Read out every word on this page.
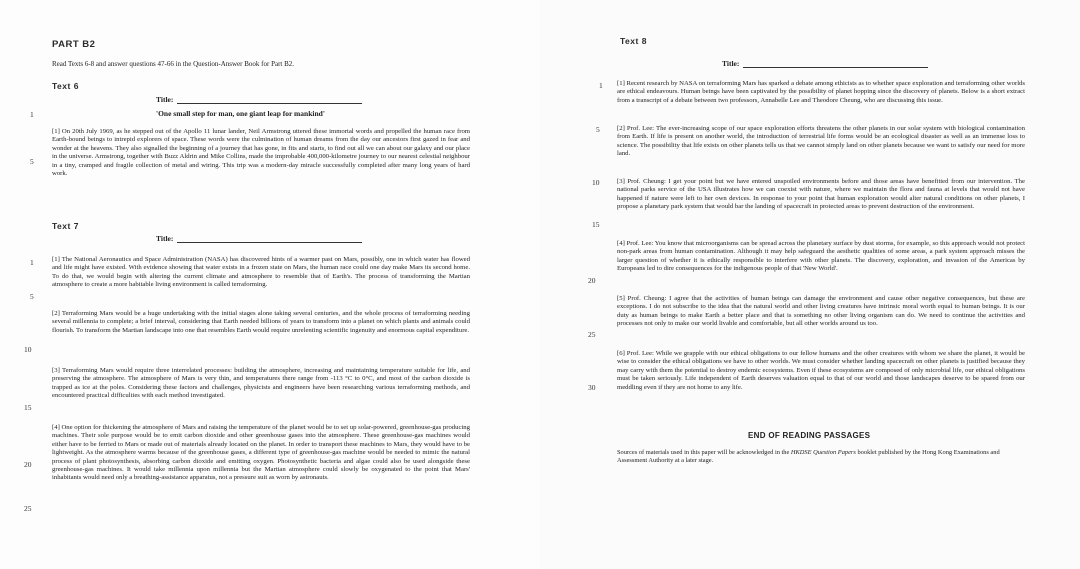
PART B2
Read Texts 6-8 and answer questions 47-66 in the Question-Answer Book for Part B2.
Text 6
Title:
1	'One small step for man, one giant leap for mankind'
[1] On 20th July 1969, as he stepped out of the Apollo 11 lunar lander, Neil Armstrong uttered these immortal words and propelled the human race from Earth-bound beings to intrepid explorers of space. These words were the culmination of human dreams from the day our ancestors first gazed in fear and wonder at the heavens. They also signalled the beginning of a journey that has gone, in fits and starts, to find out all we can about our galaxy and our place in the universe. Armstrong, together with Buzz Aldrin and Mike Collins, made the improbable 400,000-kilometre journey to our nearest celestial neighbour in a tiny, cramped and fragile collection of metal and wiring. This trip was a modern-day miracle successfully completed after many long years of hard work.
5
Text 7
Title:
1	[1] The National Aeronautics and Space Administration (NASA) has discovered hints of a warmer past on Mars, possibly, one in which water has flowed and life might have existed. With evidence showing that water exists in a frozen state on Mars, the human race could one day make Mars its second home. To do that, we would begin with altering the current climate and atmosphere to resemble that of Earth's. The process of transforming the Martian atmosphere to create a more habitable living environment is called terraforming.
5
[2] Terraforming Mars would be a huge undertaking with the initial stages alone taking several centuries, and the whole process of terraforming needing several millennia to complete; a brief interval, considering that Earth needed billions of years to transform into a planet on which plants and animals could flourish. To transform the Martian landscape into one that resembles Earth would require unrelenting scientific ingenuity and enormous capital expenditure.
10
[3] Terraforming Mars would require three interrelated processes: building the atmosphere, increasing and maintaining temperature suitable for life, and preserving the atmosphere. The atmosphere of Mars is very thin, and temperatures there range from -113 °C to 0°C, and most of the carbon dioxide is trapped as ice at the poles. Considering these factors and challenges, physicists and engineers have been researching various terraforming methods, and encountered practical difficulties with each method investigated.
15
[4] One option for thickening the atmosphere of Mars and raising the temperature of the planet would be to set up solar-powered, greenhouse-gas producing machines. Their sole purpose would be to emit carbon dioxide and other greenhouse gases into the atmosphere. These greenhouse-gas machines would either have to be ferried to Mars or made out of materials already located on the planet. In order to transport these machines to Mars, they would have to be lightweight. As the atmosphere warms because of the greenhouse gases, a different type of greenhouse-gas machine would be needed to mimic the natural process of plant photosynthesis, absorbing carbon dioxide and emitting oxygen. Photosynthetic bacteria and algae could also be used alongside these greenhouse-gas machines. It would take millennia upon millennia but the Martian atmosphere could slowly be oxygenated to the point that Mars' inhabitants would need only a breathing-assistance apparatus, not a pressure suit as worn by astronauts.
20
25
Text 8
Title:
1 [1] Recent research by NASA on terraforming Mars has sparked a debate among ethicists as to whether space exploration and terraforming other worlds are ethical endeavours. Human beings have been captivated by the possibility of planet hopping since the discovery of planets. Below is a short extract from a transcript of a debate between two professors, Annabelle Lee and Theodore Cheung, who are discussing this issue.
5	[2] Prof. Lee: The ever-increasing scope of our space exploration efforts threatens the other planets in our solar system with biological contamination from Earth. If life is present on another world, the introduction of terrestrial life forms would be an ecological disaster as well as an immense loss to science. The possibility that life exists on other planets tells us that we cannot simply land on other planets because we want to satisfy our need for more land.
10	[3] Prof. Cheung: I get your point but we have entered unspoiled environments before and those areas have benefitted from our intervention. The national parks service of the USA illustrates how we can coexist with nature, where we maintain the flora and fauna at levels that would not have happened if nature were left to her own devices. In response to your point that human exploration would alter natural conditions on other planets, I propose a planetary park system that would bar the landing of spacecraft in protected areas to prevent destruction of the environment.
15
[4] Prof. Lee: You know that microorganisms can be spread across the planetary surface by dust storms, for example, so this approach would not protect non-park areas from human contamination. Although it may help safeguard the aesthetic qualities of some areas, a park system approach misses the larger question of whether it is ethically responsible to interfere with other planets. The discovery, exploration, and invasion of the Americas by Europeans led to dire consequences for the indigenous people of that 'New World'.
20
[5] Prof. Cheung: I agree that the activities of human beings can damage the environment and cause other negative consequences, but these are exceptions. I do not subscribe to the idea that the natural world and other living creatures have intrinsic moral worth equal to human beings. It is our duty as human beings to make Earth a better place and that is something no other living organism can do. We need to continue the activities and processes not only to make our world livable and comfortable, but all other worlds around us too.
25
[6] Prof. Lee: While we grapple with our ethical obligations to our fellow humans and the other creatures with whom we share the planet, it would be wise to consider the ethical obligations we have to other worlds. We must consider whether landing spacecraft on other planets is justified because they may carry with them the potential to destroy endemic ecosystems. Even if these ecosystems are composed of only microbial life, our ethical obligations must be taken seriously. Life independent of Earth deserves valuation equal to that of our world and those landscapes deserve to be spared from our meddling even if they are not home to any life.
30
END OF READING PASSAGES
Sources of materials used in this paper will be acknowledged in the HKDSE Question Papers booklet published by the Hong Kong Examinations and Assessment Authority at a later stage.
